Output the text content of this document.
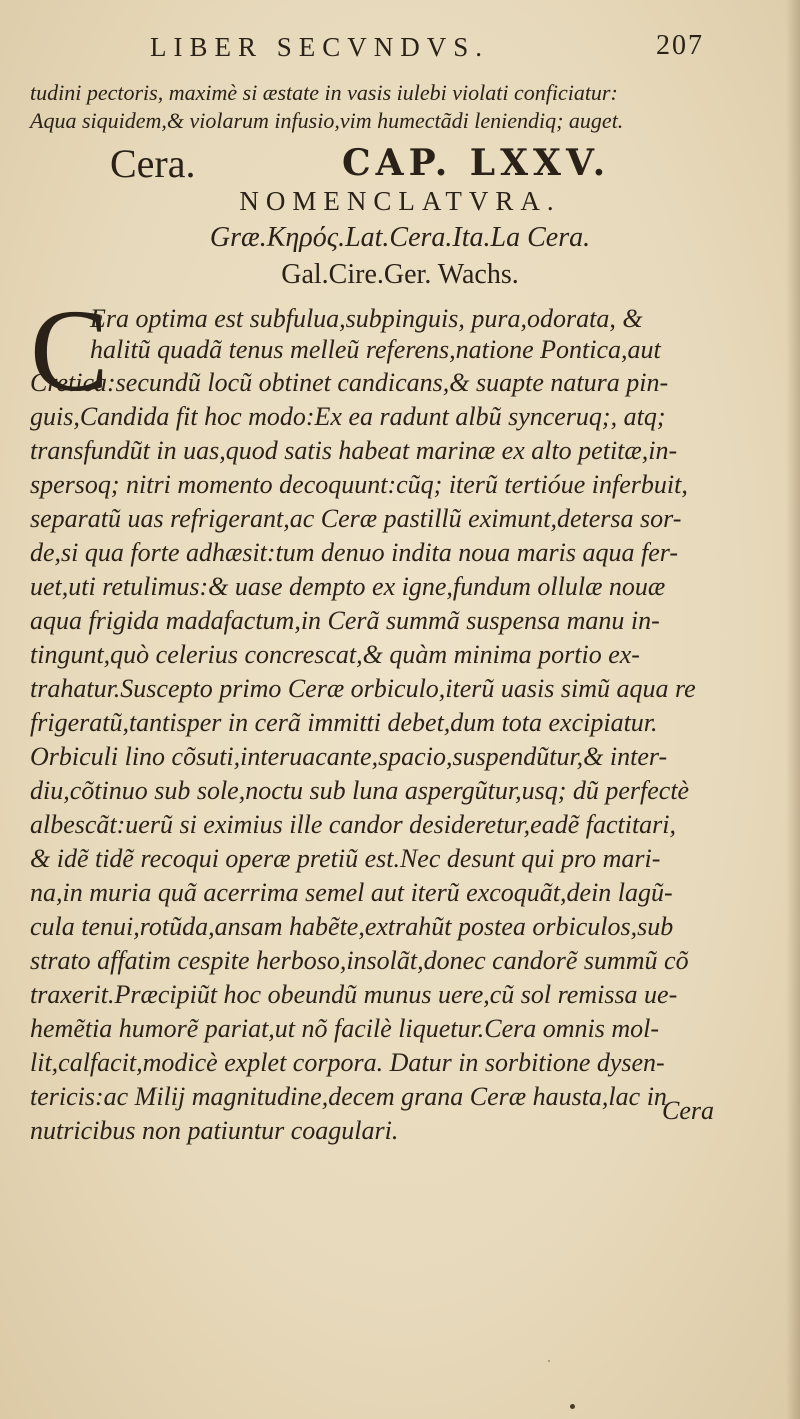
LIBER SECVNDVS.	207
tudini pectoris, maximè si æstate in vasis iulebi violati conficiatur:
Aqua siquidem,& violarum infusio,vim humectãdi leniendiq; auget.
Cera.	CAP. LXXV.
NOMENCLATVRA.
Græ.Κηρός.Lat.Cera.Ita.La Cera.
Gal.Cire.Ger. Wachs.
C
Era optima est subfulua,subpinguis, pura,odorata, &
halitũ quadã tenus melleũ referens,natione Pontica,aut
Cretica:secundũ locũ obtinet candicans,& suapte natura pin-
guis,Candida fit hoc modo:Ex ea radunt albũ synceruq;, atq;
transfundũt in uas,quod satis habeat marinæ ex alto petitæ,in-
spersoq; nitri momento decoquunt:cũq; iterũ tertióue inferbuit,
separatũ uas refrigerant,ac Ceræ pastillũ eximunt,detersa sor-
de,si qua forte adhæsit:tum denuo indita noua maris aqua fer-
uet,uti retulimus:& uase dempto ex igne,fundum ollulæ nouæ
aqua frigida madafactum,in Cerã summã suspensa manu in-
tingunt,quò celerius concrescat,& quàm minima portio ex-
trahatur.Suscepto primo Ceræ orbiculo,iterũ uasis simũ aqua re
frigeratũ,tantisper in cerã immitti debet,dum tota excipiatur.
Orbiculi lino cõsuti,interuacante,spacio,suspendũtur,& inter-
diu,cõtinuo sub sole,noctu sub luna aspergũtur,usq; dũ perfectè
albescãt:uerũ si eximius ille candor desideretur,eadẽ factitari,
& idẽ tidẽ recoqui operæ pretiũ est.Nec desunt qui pro mari-
na,in muria quã acerrima semel aut iterũ excoquãt,dein lagũ-
cula tenui,rotũda,ansam habẽte,extrahũt postea orbiculos,sub
strato affatim cespite herboso,insolãt,donec candorẽ summũ cõ
traxerit.Præcipiũt hoc obeundũ munus uere,cũ sol remissa ue-
hemẽtia humorẽ pariat,ut nõ facilè liquetur.Cera omnis mol-
lit,calfacit,modicè explet corpora. Datur in sorbitione dysen-
tericis:ac Milij magnitudine,decem grana Ceræ hausta,lac in
nutricibus non patiuntur coagulari.
Cera
